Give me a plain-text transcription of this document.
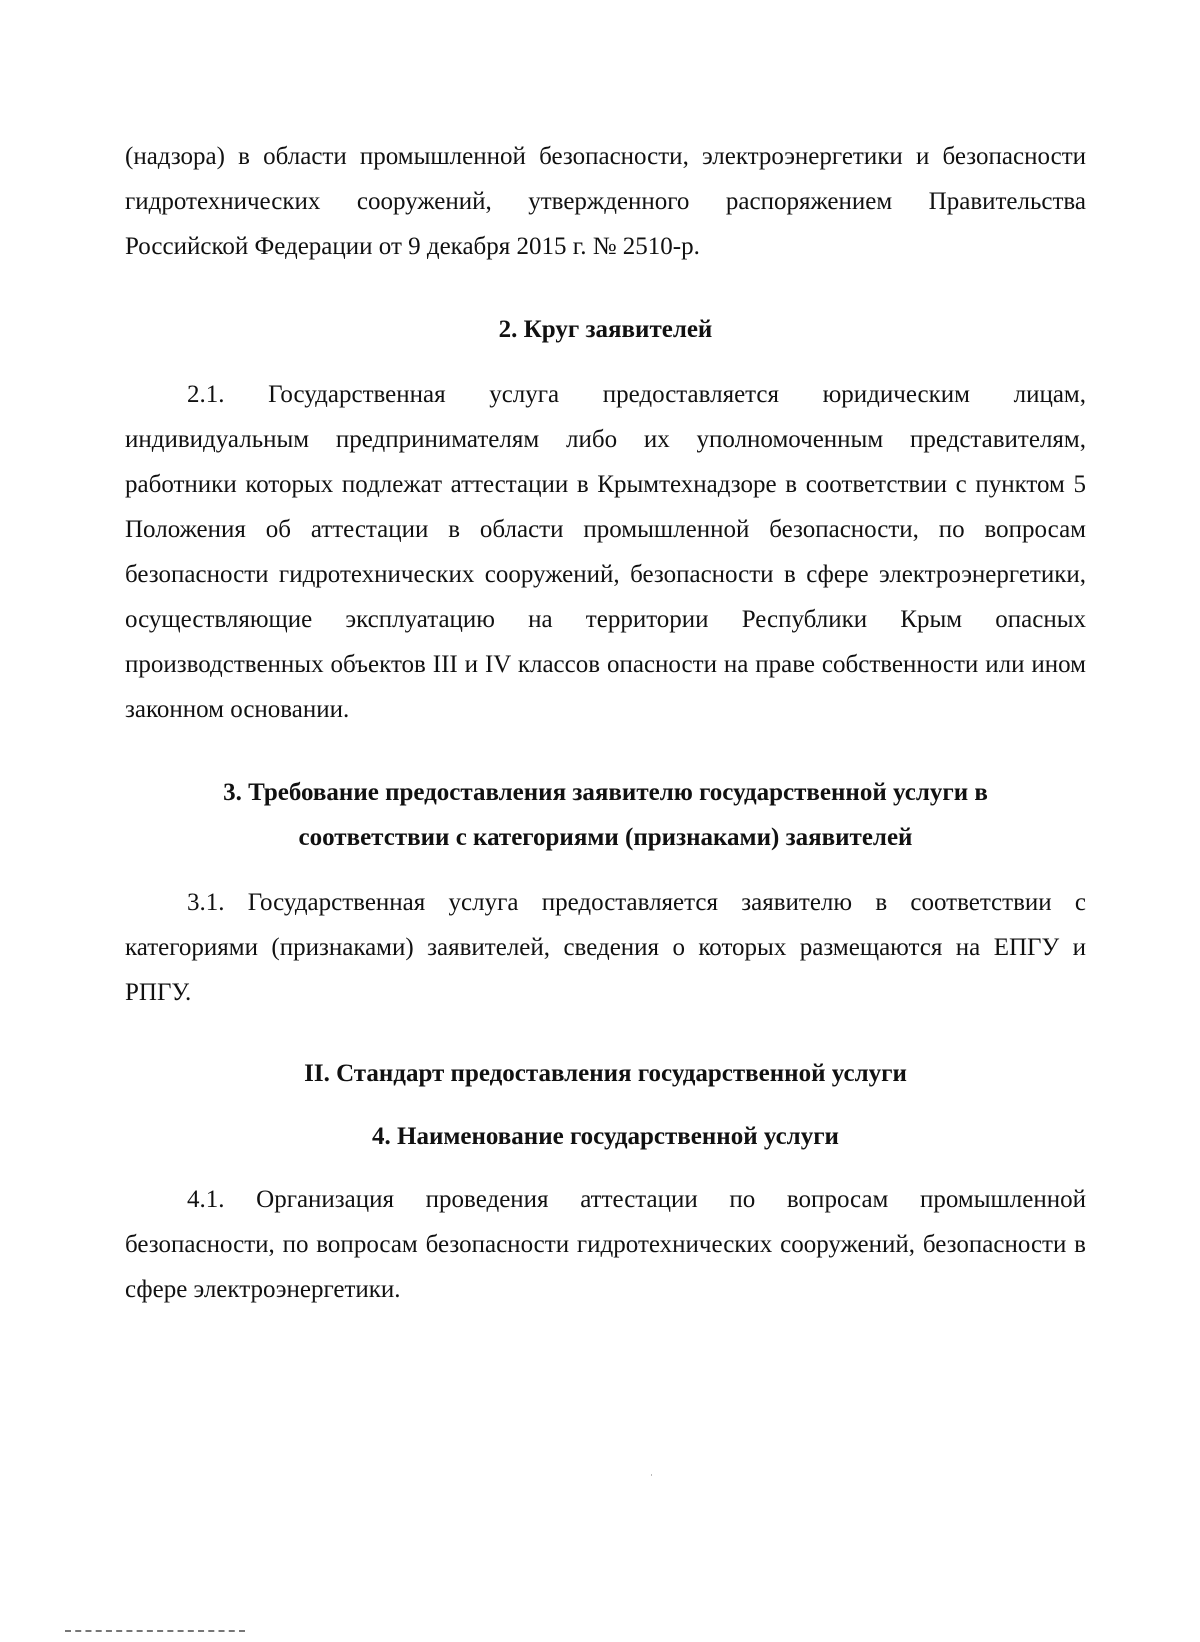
(надзора) в области промышленной безопасности, электроэнергетики и безопасности гидротехнических сооружений, утвержденного распоряжением Правительства Российской Федерации от 9 декабря 2015 г. № 2510-р.

2. Круг заявителей

2.1. Государственная услуга предоставляется юридическим лицам, индивидуальным предпринимателям либо их уполномоченным представителям, работники которых подлежат аттестации в Крымтехнадзоре в соответствии с пунктом 5 Положения об аттестации в области промышленной безопасности, по вопросам безопасности гидротехнических сооружений, безопасности в сфере электроэнергетики, осуществляющие эксплуатацию на территории Республики Крым опасных производственных объектов III и IV классов опасности на праве собственности или ином законном основании.

3. Требование предоставления заявителю государственной услуги в
соответствии с категориями (признаками) заявителей

3.1. Государственная услуга предоставляется заявителю в соответствии с категориями (признаками) заявителей, сведения о которых размещаются на ЕПГУ и РПГУ.

II. Стандарт предоставления государственной услуги
4. Наименование государственной услуги

4.1. Организация проведения аттестации по вопросам промышленной безопасности, по вопросам безопасности гидротехнических сооружений, безопасности в сфере электроэнергетики.
